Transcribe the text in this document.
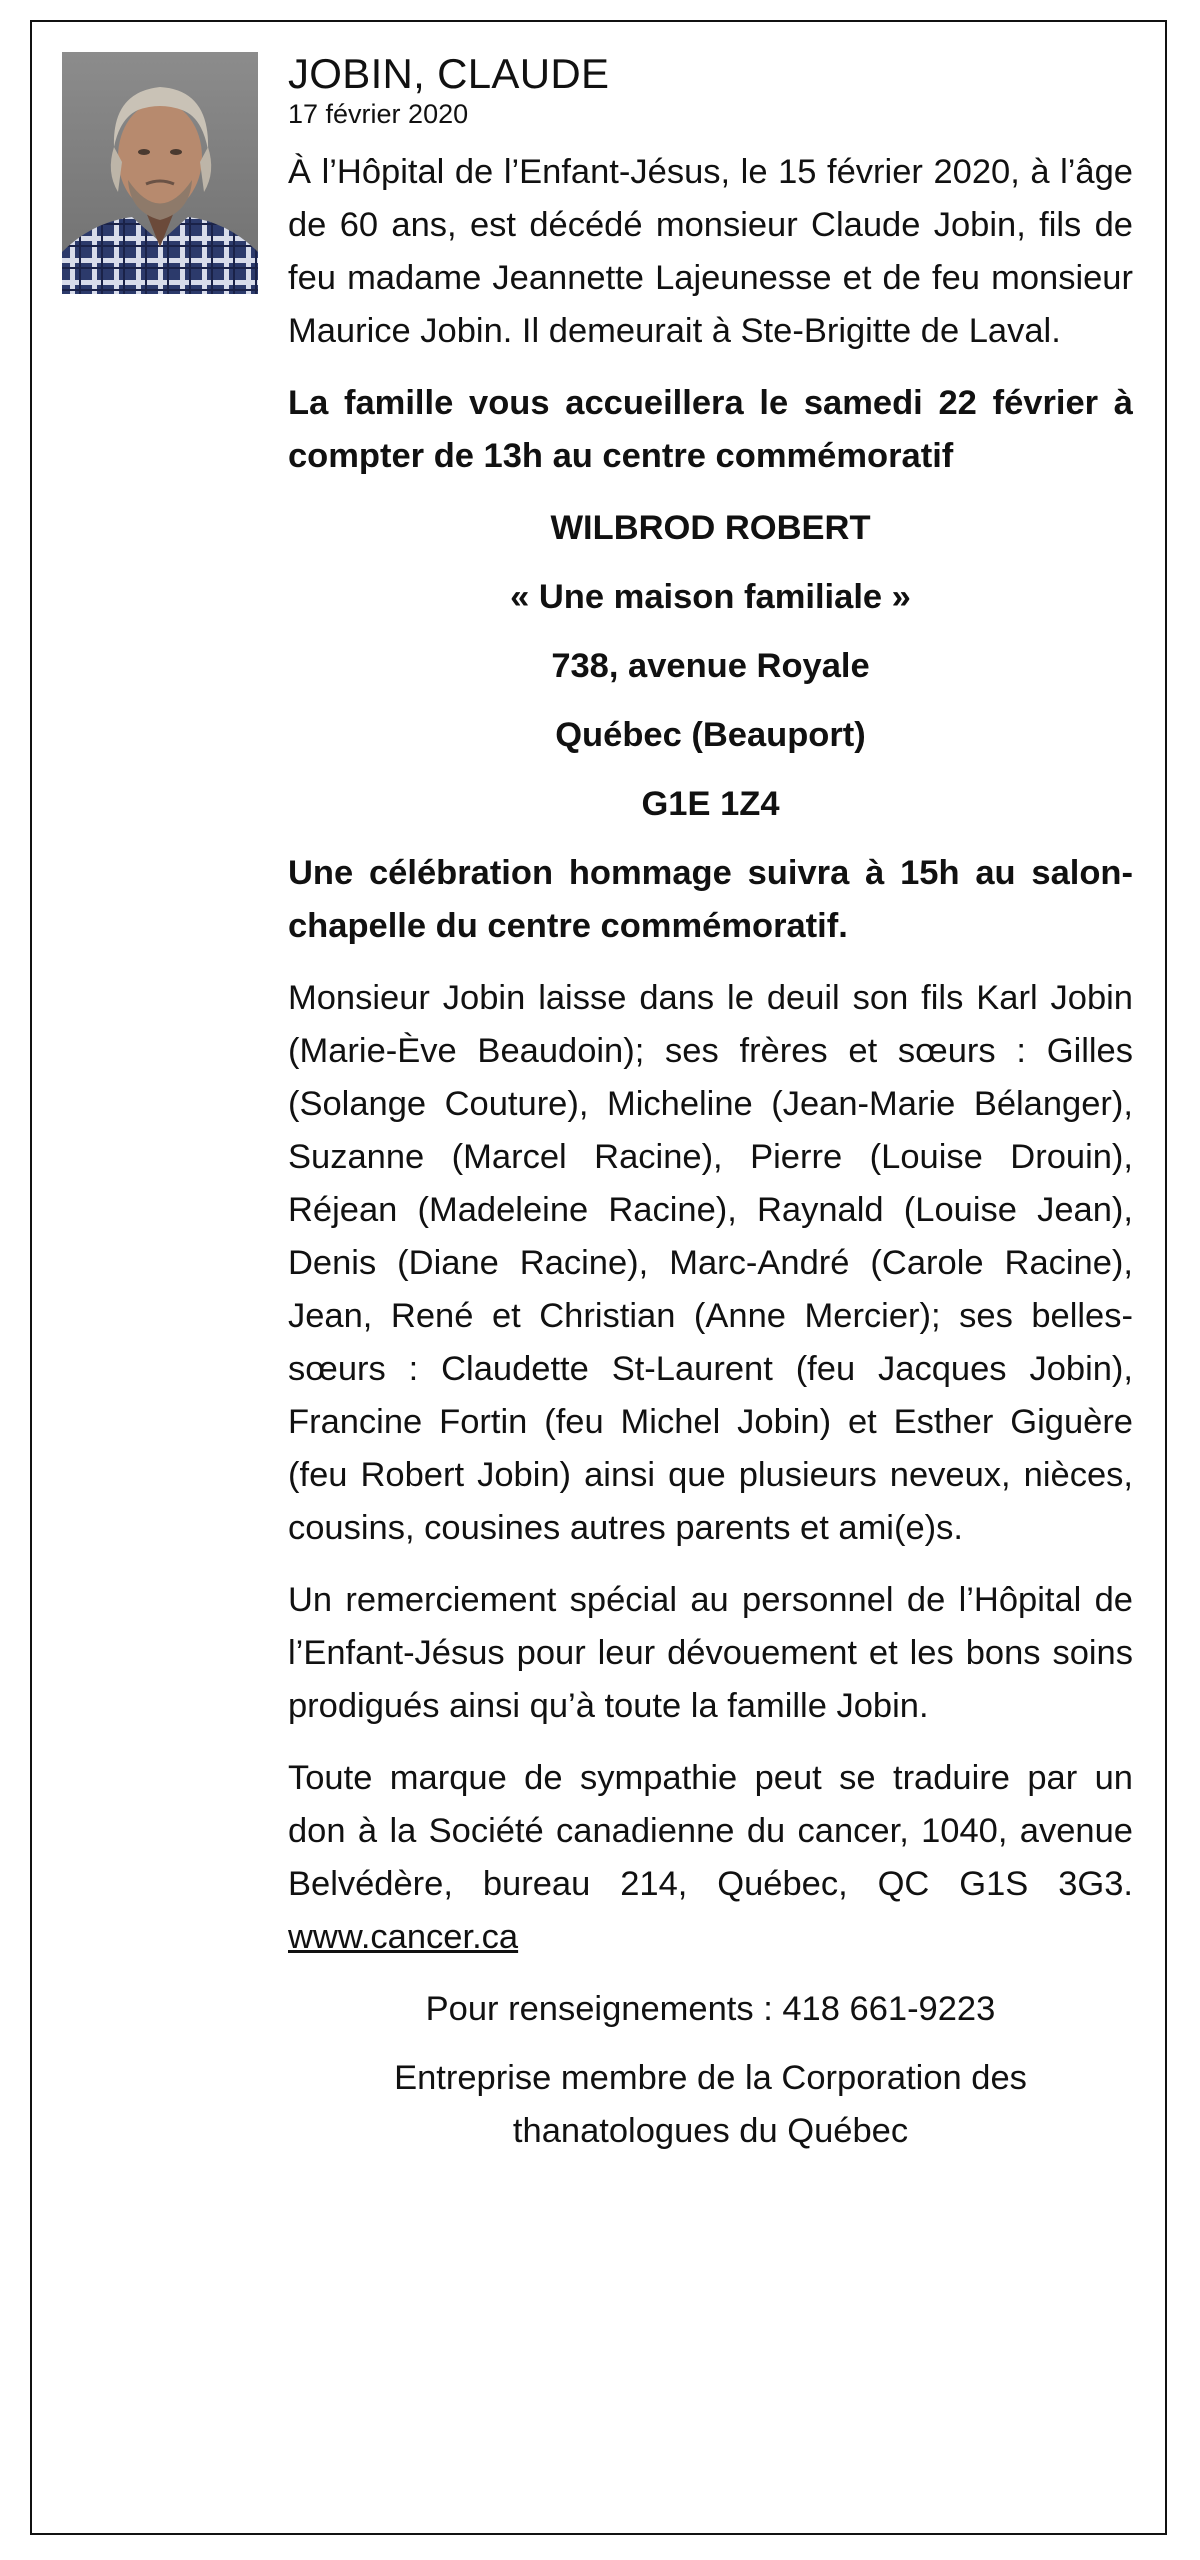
JOBIN, CLAUDE
17 février 2020

À l’Hôpital de l’Enfant-Jésus, le 15 février 2020, à l’âge de 60 ans, est décédé monsieur Claude Jobin, fils de feu madame Jeannette Lajeunesse et de feu monsieur Maurice Jobin. Il demeurait à Ste-Brigitte de Laval.

La famille vous accueillera le samedi 22 février à compter de 13h au centre commémoratif

WILBROD ROBERT
« Une maison familiale »
738, avenue Royale
Québec (Beauport)
G1E 1Z4

Une célébration hommage suivra à 15h au salon-chapelle du centre commémoratif.

Monsieur Jobin laisse dans le deuil son fils Karl Jobin (Marie-Ève Beaudoin); ses frères et sœurs : Gilles (Solange Couture), Micheline (Jean-Marie Bélanger), Suzanne (Marcel Racine), Pierre (Louise Drouin), Réjean (Madeleine Racine), Raynald (Louise Jean), Denis (Diane Racine), Marc-André (Carole Racine), Jean, René et Christian (Anne Mercier); ses belles-sœurs : Claudette St-Laurent (feu Jacques Jobin), Francine Fortin (feu Michel Jobin) et Esther Giguère (feu Robert Jobin) ainsi que plusieurs neveux, nièces, cousins, cousines autres parents et ami(e)s.

Un remerciement spécial au personnel de l’Hôpital de l’Enfant-Jésus pour leur dévouement et les bons soins prodigués ainsi qu’à toute la famille Jobin.

Toute marque de sympathie peut se traduire par un don à la Société canadienne du cancer, 1040, avenue Belvédère, bureau 214, Québec, QC G1S 3G3. www.cancer.ca

Pour renseignements : 418 661-9223
Entreprise membre de la Corporation des
thanatologues du Québec
